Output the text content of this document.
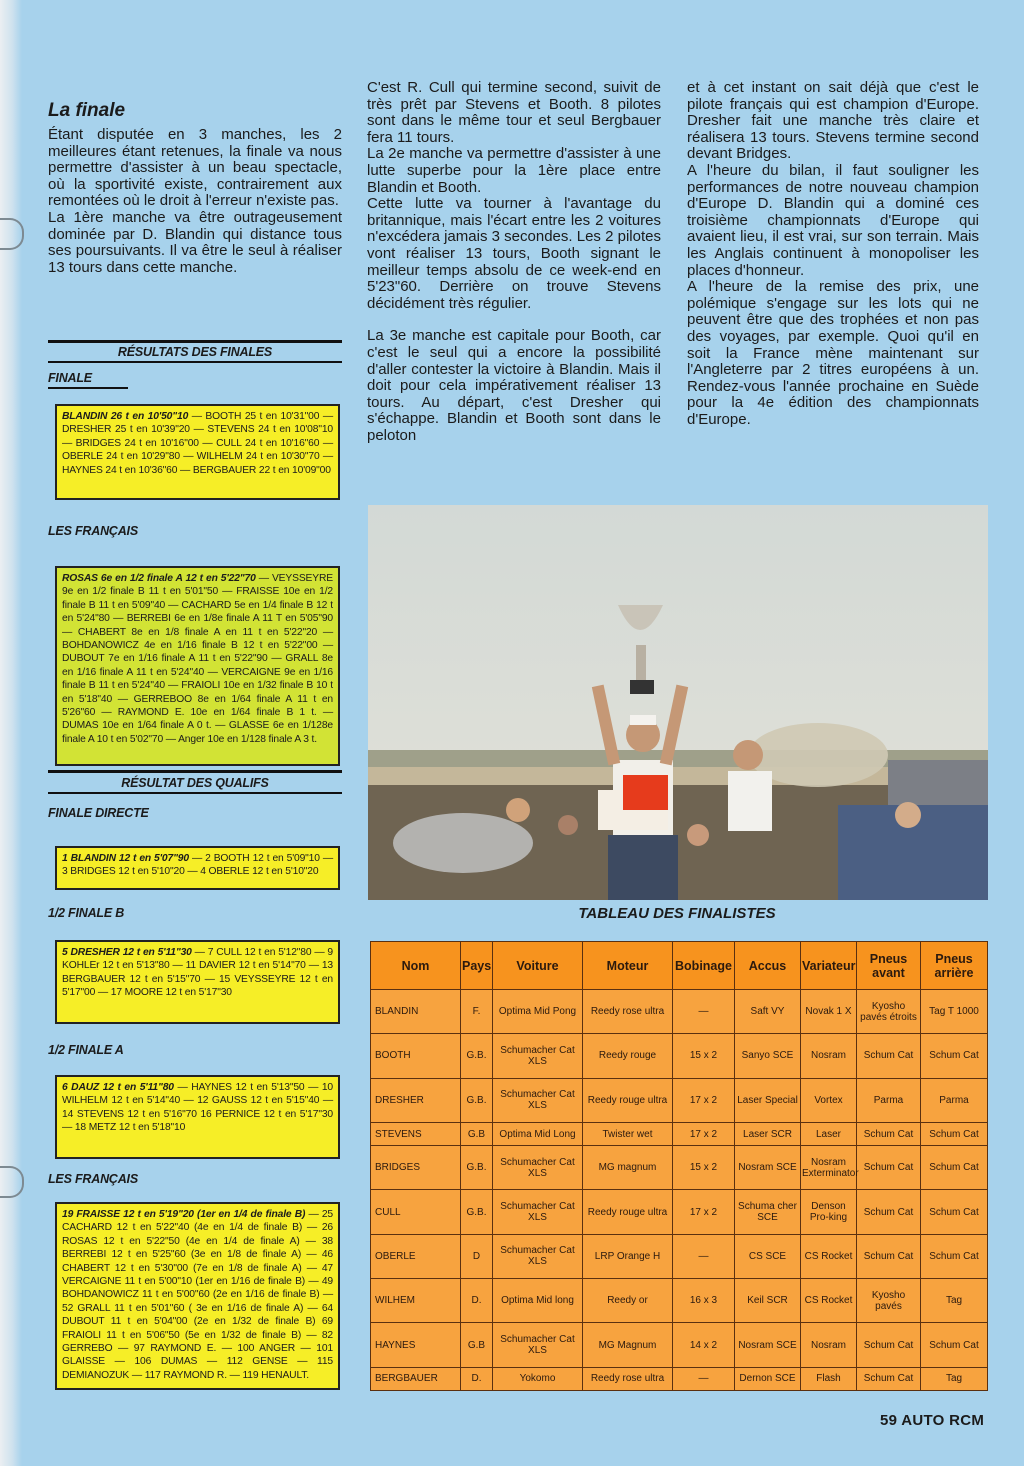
La finale

Étant disputée en 3 manches, les 2 meilleures étant retenues, la finale va nous permettre d'assister à un beau spectacle, où la sportivité existe, contrairement aux remontées où le droit à l'erreur n'existe pas.

La 1ère manche va être outrageusement dominée par D. Blandin qui distance tous ses poursuivants. Il va être le seul à réaliser 13 tours dans cette manche.

C'est R. Cull qui termine second, suivit de très prêt par Stevens et Booth. 8 pilotes sont dans le même tour et seul Bergbauer fera 11 tours.

La 2e manche va permettre d'assister à une lutte superbe pour la 1ère place entre Blandin et Booth.

Cette lutte va tourner à l'avantage du britannique, mais l'écart entre les 2 voitures n'excédera jamais 3 secondes. Les 2 pilotes vont réaliser 13 tours, Booth signant le meilleur temps absolu de ce week-end en 5'23"60. Derrière on trouve Stevens décidément très régulier.

La 3e manche est capitale pour Booth, car c'est le seul qui a encore la possibilité d'aller contester la victoire à Blandin. Mais il doit pour cela impérativement réaliser 13 tours. Au départ, c'est Dresher qui s'échappe. Blandin et Booth sont dans le peloton

et à cet instant on sait déjà que c'est le pilote français qui est champion d'Europe. Dresher fait une manche très claire et réalisera 13 tours. Stevens termine second devant Bridges.

A l'heure du bilan, il faut souligner les performances de notre nouveau champion d'Europe D. Blandin qui a dominé ces troisième championnats d'Europe qui avaient lieu, il est vrai, sur son terrain. Mais les Anglais continuent à monopoliser les places d'honneur.

A l'heure de la remise des prix, une polémique s'engage sur les lots qui ne peuvent être que des trophées et non pas des voyages, par exemple. Quoi qu'il en soit la France mène maintenant sur l'Angleterre par 2 titres européens à un. Rendez-vous l'année prochaine en Suède pour la 4e édition des championnats d'Europe.

RÉSULTATS DES FINALES
FINALE
BLANDIN 26 t en 10'50"10 — BOOTH 25 t en 10'31"00 — DRESHER 25 t en 10'39"20 — STEVENS 24 t en 10'08"10 — BRIDGES 24 t en 10'16"00 — CULL 24 t en 10'16"60 — OBERLE 24 t en 10'29"80 — WILHELM 24 t en 10'30"70 — HAYNES 24 t en 10'36"60 — BERGBAUER 22 t en 10'09"00
LES FRANÇAIS
ROSAS 6e en 1/2 finale A 12 t en 5'22"70 — VEYSSEYRE 9e en 1/2 finale B 11 t en 5'01"50 — FRAISSE 10e en 1/2 finale B 11 t en 5'09"40 — CACHARD 5e en 1/4 finale B 12 t en 5'24"80 — BERREBI 6e en 1/8e finale A 11 T en 5'05"90 — CHABERT 8e en 1/8 finale A en 11 t en 5'22"20 — BOHDANOWICZ 4e en 1/16 finale B 12 t en 5'22"00 — DUBOUT 7e en 1/16 finale A 11 t en 5'22"90 — GRALL 8e en 1/16 finale A 11 t en 5'24"40 — VERCAIGNE 9e en 1/16 finale B 11 t en 5'24"40 — FRAIOLI 10e en 1/32 finale B 10 t en 5'18"40 — GERREBOO 8e en 1/64 finale A 11 t en 5'26"60 — RAYMOND E. 10e en 1/64 finale B 1 t. — DUMAS 10e en 1/64 finale A 0 t. — GLASSE 6e en 1/128e finale A 10 t en 5'02"70 — Anger 10e en 1/128 finale A 3 t.
RÉSULTAT DES QUALIFS
FINALE DIRECTE
1 BLANDIN 12 t en 5'07"90 — 2 BOOTH 12 t en 5'09"10 — 3 BRIDGES 12 t en 5'10"20 — 4 OBERLE 12 t en 5'10"20
1/2 FINALE B
5 DRESHER 12 t en 5'11"30 — 7 CULL 12 t en 5'12"80 — 9 KOHLEr 12 t en 5'13"80 — 11 DAVIER 12 t en 5'14"70 — 13 BERGBAUER 12 t en 5'15"70 — 15 VEYSSEYRE 12 t en 5'17"00 — 17 MOORE 12 t en 5'17"30
1/2 FINALE A
6 DAUZ 12 t en 5'11"80 — HAYNES 12 t en 5'13"50 — 10 WILHELM 12 t en 5'14"40 — 12 GAUSS 12 t en 5'15"40 — 14 STEVENS 12 t en 5'16"70 16 PERNICE 12 t en 5'17"30 — 18 METZ 12 t en 5'18"10
LES FRANÇAIS
19 FRAISSE 12 t en 5'19"20 (1er en 1/4 de finale B) — 25 CACHARD 12 t en 5'22"40 (4e en 1/4 de finale B) — 26 ROSAS 12 t en 5'22"50 (4e en 1/4 de finale A) — 38 BERREBI 12 t en 5'25"60 (3e en 1/8 de finale A) — 46 CHABERT 12 t en 5'30"00 (7e en 1/8 de finale A) — 47 VERCAIGNE 11 t en 5'00"10 (1er en 1/16 de finale B) — 49 BOHDANOWICZ 11 t en 5'00"60 (2e en 1/16 de finale B) — 52 GRALL 11 t en 5'01"60 ( 3e en 1/16 de finale A) — 64 DUBOUT 11 t en 5'04"00 (2e en 1/32 de finale B) 69 FRAIOLI 11 t en 5'06"50 (5e en 1/32 de finale B) — 82 GERREBO — 97 RAYMOND E. — 100 ANGER — 101 GLAISSE — 106 DUMAS — 112 GENSE — 115 DEMIANOZUK — 117 RAYMOND R. — 119 HENAULT.
TABLEAU DES FINALISTES
Nom	Pays	Voiture	Moteur	Bobinage	Accus	Variateur	Pneus avant	Pneus arrière
BLANDIN	F.	Optima Mid Pong	Reedy rose ultra	—	Saft VY	Novak 1 X	Kyosho pavés étroits	Tag T 1000
BOOTH	G.B.	Schumacher Cat XLS	Reedy rouge	15 x 2	Sanyo SCE	Nosram	Schum Cat	Schum Cat
DRESHER	G.B.	Schumacher Cat XLS	Reedy rouge ultra	17 x 2	Laser Special	Vortex	Parma	Parma
STEVENS	G.B	Optima Mid Long	Twister wet	17 x 2	Laser SCR	Laser	Schum Cat	Schum Cat
BRIDGES	G.B.	Schumacher Cat XLS	MG magnum	15 x 2	Nosram SCE	Nosram Exterminator	Schum Cat	Schum Cat
CULL	G.B.	Schumacher Cat XLS	Reedy rouge ultra	17 x 2	Schuma cher SCE	Denson Pro-king	Schum Cat	Schum Cat
OBERLE	D	Schumacher Cat XLS	LRP Orange H	—	CS SCE	CS Rocket	Schum Cat	Schum Cat
WILHEM	D.	Optima Mid long	Reedy or	16 x 3	Keil SCR	CS Rocket	Kyosho pavés	Tag
HAYNES	G.B	Schumacher Cat XLS	MG Magnum	14 x 2	Nosram SCE	Nosram	Schum Cat	Schum Cat
BERGBAUER	D.	Yokomo	Reedy rose ultra	—	Dernon SCE	Flash	Schum Cat	Tag
59 AUTO RCM
